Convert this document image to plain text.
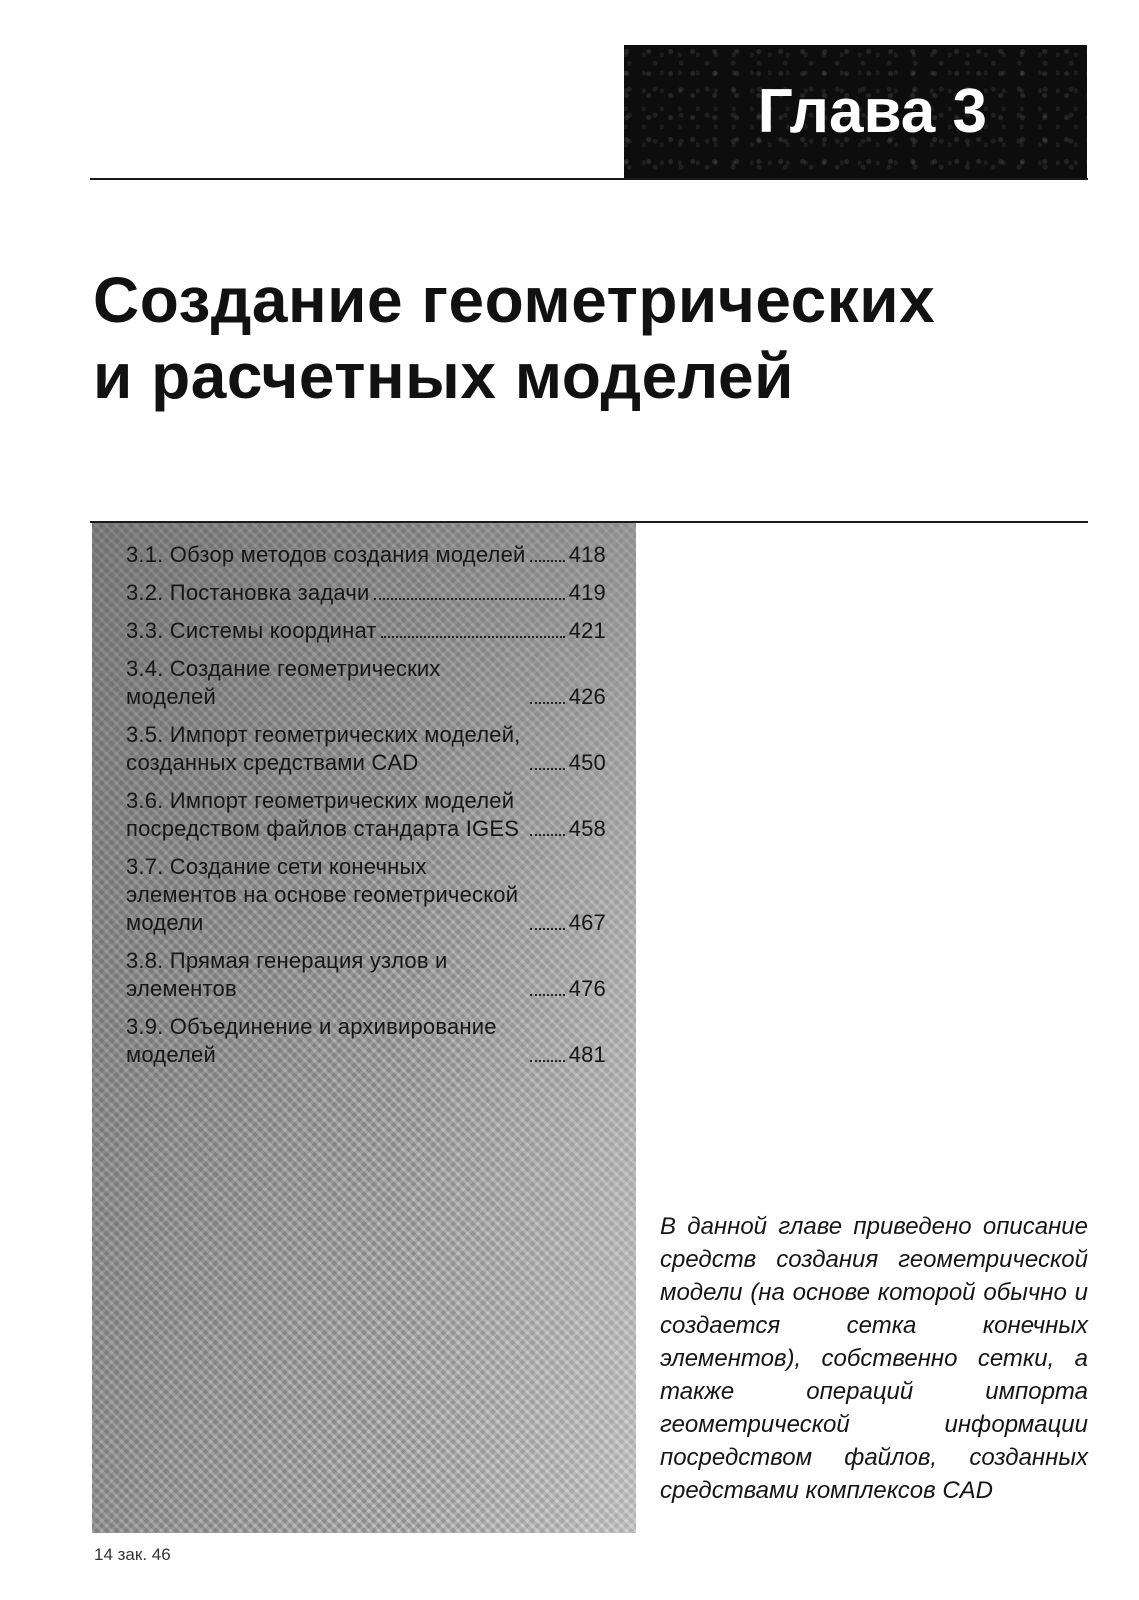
Глава 3
Создание геометрических
и расчетных моделей
3.1. Обзор методов создания моделей 418
3.2. Постановка задачи	419
3.3. Системы координат	421
3.4. Создание геометрических моделей	426
3.5. Импорт геометрических моделей, созданных средствами CAD	450
3.6. Импорт геометрических моделей посредством файлов стандарта IGES	458
3.7. Создание сети конечных элементов на основе геометрической модели	467
3.8. Прямая генерация узлов и элементов	476
3.9. Объединение и архивирование моделей	481

В данной главе приведено описание средств создания геометрической модели (на основе которой обычно и создается сетка конечных элементов), собственно сетки, а также операций импорта геометрической информации посредством файлов, созданных средствами комплексов CAD

14 зак. 46
